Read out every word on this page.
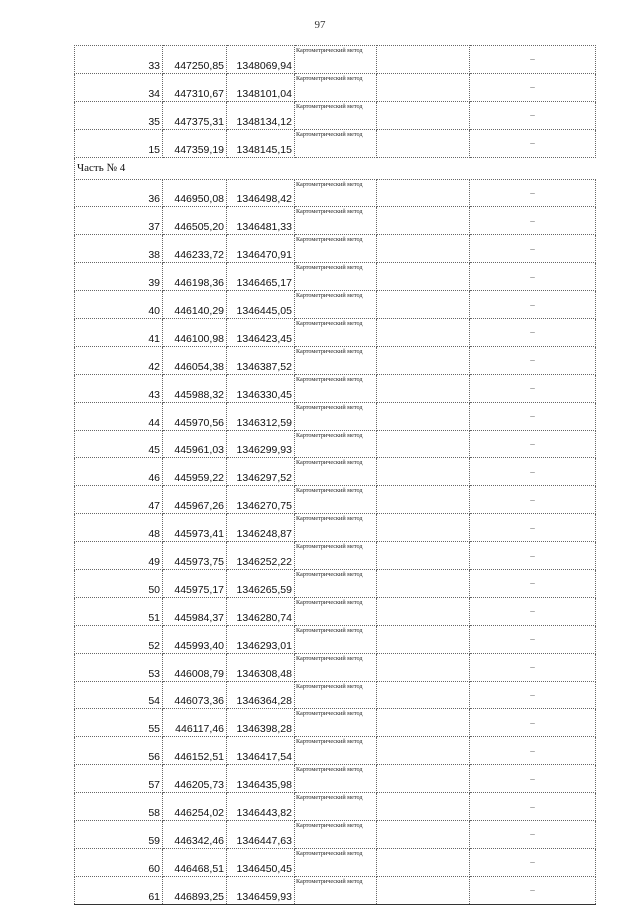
97
33	447250,85	1348069,94	Картометрический метод		–
34	447310,67	1348101,04	Картометрический метод		–
35	447375,31	1348134,12	Картометрический метод		–
15	447359,19	1348145,15	Картометрический метод		–
Часть № 4					
36	446950,08	1346498,42	Картометрический метод		–
37	446505,20	1346481,33	Картометрический метод		–
38	446233,72	1346470,91	Картометрический метод		–
39	446198,36	1346465,17	Картометрический метод		–
40	446140,29	1346445,05	Картометрический метод		–
41	446100,98	1346423,45	Картометрический метод		–
42	446054,38	1346387,52	Картометрический метод		–
43	445988,32	1346330,45	Картометрический метод		–
44	445970,56	1346312,59	Картометрический метод		–
45	445961,03	1346299,93	Картометрический метод		–
46	445959,22	1346297,52	Картометрический метод		–
47	445967,26	1346270,75	Картометрический метод		–
48	445973,41	1346248,87	Картометрический метод		–
49	445973,75	1346252,22	Картометрический метод		–
50	445975,17	1346265,59	Картометрический метод		–
51	445984,37	1346280,74	Картометрический метод		–
52	445993,40	1346293,01	Картометрический метод		–
53	446008,79	1346308,48	Картометрический метод		–
54	446073,36	1346364,28	Картометрический метод		–
55	446117,46	1346398,28	Картометрический метод		–
56	446152,51	1346417,54	Картометрический метод		–
57	446205,73	1346435,98	Картометрический метод		–
58	446254,02	1346443,82	Картометрический метод		–
59	446342,46	1346447,63	Картометрический метод		–
60	446468,51	1346450,45	Картометрический метод		–
61	446893,25	1346459,93	Картометрический метод		–
